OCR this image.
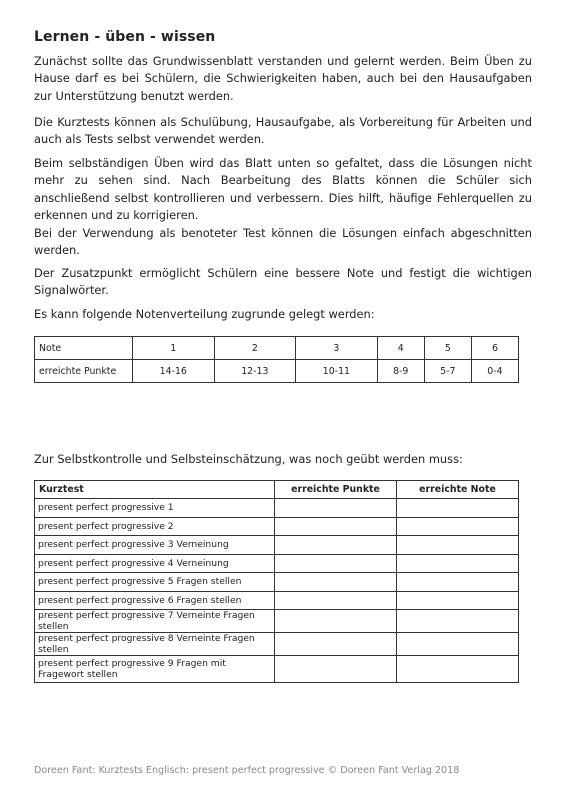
Lernen - üben - wissen

Zunächst sollte das Grundwissenblatt verstanden und gelernt werden. Beim Üben zu Hause darf es bei Schülern, die Schwierigkeiten haben, auch bei den Hausaufgaben zur Unterstützung benutzt werden.

Die Kurztests können als Schulübung, Hausaufgabe, als Vorbereitung für Arbeiten und auch als Tests selbst verwendet werden.

Beim selbständigen Üben wird das Blatt unten so gefaltet, dass die Lösungen nicht mehr zu sehen sind. Nach Bearbeitung des Blatts können die Schüler sich anschließend selbst kontrollieren und verbessern. Dies hilft, häufige Fehlerquellen zu erkennen und zu korrigieren.

Bei der Verwendung als benoteter Test können die Lösungen einfach abgeschnitten werden.

Der Zusatzpunkt ermöglicht Schülern eine bessere Note und festigt die wichtigen Signalwörter.

Es kann folgende Notenverteilung zugrunde gelegt werden:

Note	1	2	3	4	5	6
erreichte Punkte	14-16	12-13	10-11	8-9	5-7	0-4

Zur Selbstkontrolle und Selbsteinschätzung, was noch geübt werden muss:

Kurztest	erreichte Punkte	erreichte Note
present perfect progressive 1		
present perfect progressive 2		
present perfect progressive 3 Verneinung		
present perfect progressive 4 Verneinung		
present perfect progressive 5 Fragen stellen		
present perfect progressive 6 Fragen stellen		
present perfect progressive 7 Verneinte Fragen stellen		
present perfect progressive 8 Verneinte Fragen stellen		
present perfect progressive 9 Fragen mit Fragewort stellen		
Doreen Fant: Kurztests Englisch: present perfect progressive © Doreen Fant Verlag 2018
